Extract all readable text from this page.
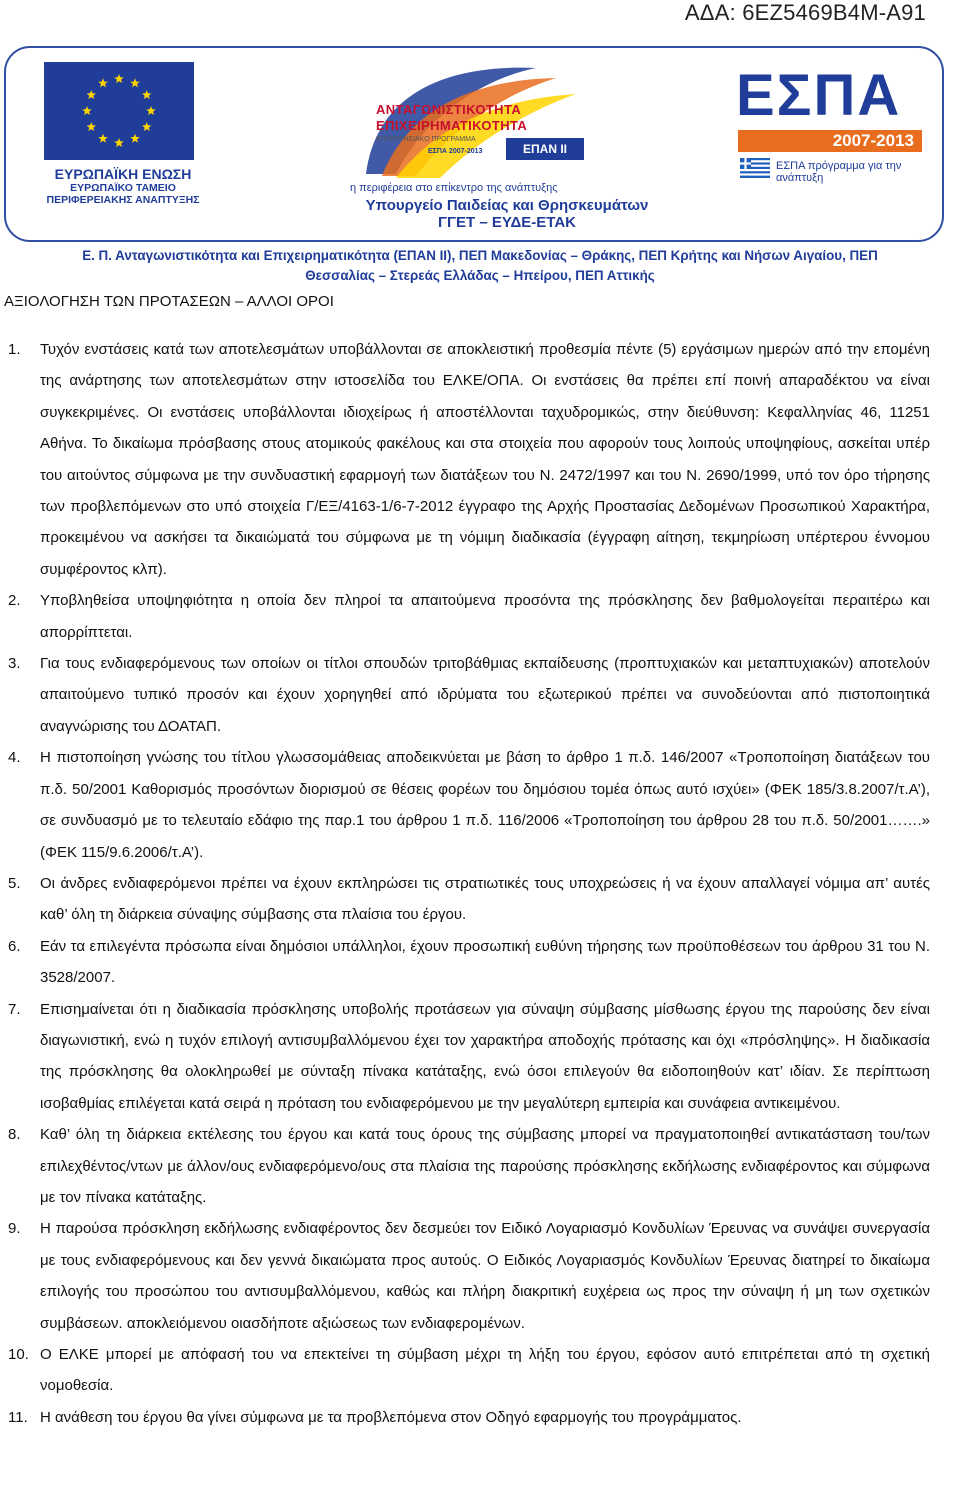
ΑΔΑ: 6ΕΖ5469Β4Μ-Α91
ΕΥΡΩΠΑΪΚΗ ΕΝΩΣΗ
ΕΥΡΩΠΑΪΚΟ ΤΑΜΕΙΟ
ΠΕΡΙΦΕΡΕΙΑΚΗΣ ΑΝΑΠΤΥΞΗΣ
ΑΝΤΑΓΩΝΙΣΤΙΚΟΤΗΤΑ
ΕΠΙΧΕΙΡΗΜΑΤΙΚΟΤΗΤΑ
ΕΠΙΧΕΙΡΗΣΙΑΚΟ ΠΡΟΓΡΑΜΜΑ
ΕΣΠΑ 2007-2013	ΕΠΑΝ ΙΙ
η περιφέρεια στο επίκεντρο της ανάπτυξης
Υπουργείο Παιδείας και Θρησκευμάτων
ΓΓΕΤ – ΕΥΔΕ-ΕΤΑΚ
ΕΣΠΑ
2007-2013
ΕΣΠΑ πρόγραμμα για την ανάπτυξη
Ε. Π. Ανταγωνιστικότητα και Επιχειρηματικότητα (ΕΠΑΝ ΙΙ), ΠΕΠ Μακεδονίας – Θράκης, ΠΕΠ Κρήτης και Νήσων Αιγαίου, ΠΕΠ
Θεσσαλίας – Στερεάς Ελλάδας – Ηπείρου, ΠΕΠ Αττικής
ΑΞΙΟΛΟΓΗΣΗ ΤΩΝ ΠΡΟΤΑΣΕΩΝ – ΑΛΛΟΙ ΟΡΟΙ
1. Τυχόν ενστάσεις κατά των αποτελεσμάτων υποβάλλονται σε αποκλειστική προθεσμία πέντε (5) εργάσιμων ημερών από την επομένη της ανάρτησης των αποτελεσμάτων στην ιστοσελίδα του ΕΛΚΕ/ΟΠΑ. Οι ενστάσεις θα πρέπει επί ποινή απαραδέκτου να είναι συγκεκριμένες. Οι ενστάσεις υποβάλλονται ιδιοχείρως ή αποστέλλονται ταχυδρομικώς, στην διεύθυνση: Κεφαλληνίας 46, 11251 Αθήνα. Το δικαίωμα πρόσβασης στους ατομικούς φακέλους και στα στοιχεία που αφορούν τους λοιπούς υποψηφίους, ασκείται υπέρ του αιτούντος σύμφωνα με την συνδυαστική εφαρμογή των διατάξεων του Ν. 2472/1997 και του Ν. 2690/1999, υπό τον όρο τήρησης των προβλεπόμενων στο υπό στοιχεία Γ/ΕΞ/4163-1/6-7-2012 έγγραφο της Αρχής Προστασίας Δεδομένων Προσωπικού Χαρακτήρα, προκειμένου να ασκήσει τα δικαιώματά του σύμφωνα με τη νόμιμη διαδικασία (έγγραφη αίτηση, τεκμηρίωση υπέρτερου έννομου συμφέροντος κλπ).
2. Υποβληθείσα υποψηφιότητα η οποία δεν πληροί τα απαιτούμενα προσόντα της πρόσκλησης δεν βαθμολογείται περαιτέρω και απορρίπτεται.
3. Για τους ενδιαφερόμενους των οποίων οι τίτλοι σπουδών τριτοβάθμιας εκπαίδευσης (προπτυχιακών και μεταπτυχιακών) αποτελούν απαιτούμενο τυπικό προσόν και έχουν χορηγηθεί από ιδρύματα του εξωτερικού πρέπει να συνοδεύονται από πιστοποιητικά αναγνώρισης του ΔΟΑΤΑΠ.
4. Η πιστοποίηση γνώσης του τίτλου γλωσσομάθειας αποδεικνύεται με βάση το άρθρο 1 π.δ. 146/2007 «Τροποποίηση διατάξεων του π.δ. 50/2001 Καθορισμός προσόντων διορισμού σε θέσεις φορέων του δημόσιου τομέα όπως αυτό ισχύει» (ΦΕΚ 185/3.8.2007/τ.Α’), σε συνδυασμό με το τελευταίο εδάφιο της παρ.1 του άρθρου 1 π.δ. 116/2006 «Τροποποίηση του άρθρου 28 του π.δ. 50/2001…….» (ΦΕΚ 115/9.6.2006/τ.Α’).
5. Οι άνδρες ενδιαφερόμενοι πρέπει να έχουν εκπληρώσει τις στρατιωτικές τους υποχρεώσεις ή να έχουν απαλλαγεί νόμιμα απ’ αυτές καθ’ όλη τη διάρκεια σύναψης σύμβασης στα πλαίσια του έργου.
6. Εάν τα επιλεγέντα πρόσωπα είναι δημόσιοι υπάλληλοι, έχουν προσωπική ευθύνη τήρησης των προϋποθέσεων του άρθρου 31 του Ν. 3528/2007.
7. Επισημαίνεται ότι η διαδικασία πρόσκλησης υποβολής προτάσεων για σύναψη σύμβασης μίσθωσης έργου της παρούσης δεν είναι διαγωνιστική, ενώ η τυχόν επιλογή αντισυμβαλλόμενου έχει τον χαρακτήρα αποδοχής πρότασης και όχι «πρόσληψης». Η διαδικασία της πρόσκλησης θα ολοκληρωθεί με σύνταξη πίνακα κατάταξης, ενώ όσοι επιλεγούν θα ειδοποιηθούν κατ’ ιδίαν. Σε περίπτωση ισοβαθμίας επιλέγεται κατά σειρά η πρόταση του ενδιαφερόμενου με την μεγαλύτερη εμπειρία και συνάφεια αντικειμένου.
8. Καθ’ όλη τη διάρκεια εκτέλεσης του έργου και κατά τους όρους της σύμβασης μπορεί να πραγματοποιηθεί αντικατάσταση του/των επιλεχθέντος/ντων με άλλον/ους ενδιαφερόμενο/ους στα πλαίσια της παρούσης πρόσκλησης εκδήλωσης ενδιαφέροντος και σύμφωνα με τον πίνακα κατάταξης.
9. Η παρούσα πρόσκληση εκδήλωσης ενδιαφέροντος δεν δεσμεύει τον Ειδικό Λογαριασμό Κονδυλίων Έρευνας να συνάψει συνεργασία με τους ενδιαφερόμενους και δεν γεννά δικαιώματα προς αυτούς. Ο Ειδικός Λογαριασμός Κονδυλίων Έρευνας διατηρεί το δικαίωμα επιλογής του προσώπου του αντισυμβαλλόμενου, καθώς και πλήρη διακριτική ευχέρεια ως προς την σύναψη ή μη των σχετικών συμβάσεων. αποκλειόμενου οιασδήποτε αξιώσεως των ενδιαφερομένων.
10. Ο ΕΛΚΕ μπορεί με απόφασή του να επεκτείνει τη σύμβαση μέχρι τη λήξη του έργου, εφόσον αυτό επιτρέπεται από τη σχετική νομοθεσία.
11. Η ανάθεση του έργου θα γίνει σύμφωνα με τα προβλεπόμενα στον Οδηγό εφαρμογής του προγράμματος.
